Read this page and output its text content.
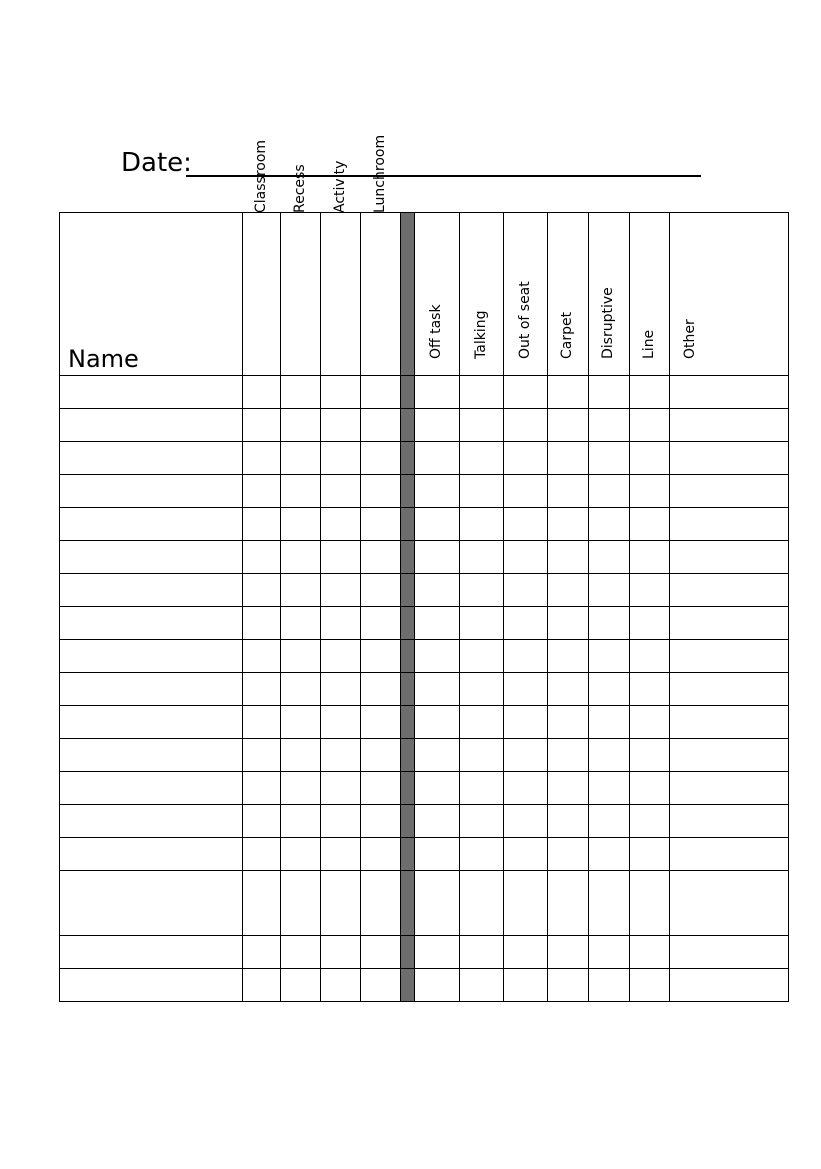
Date:
Name	Classroom	Recess	Activity	Lunchroom		Off task	Talking	Out of seat	Carpet	Disruptive	Line	Other
